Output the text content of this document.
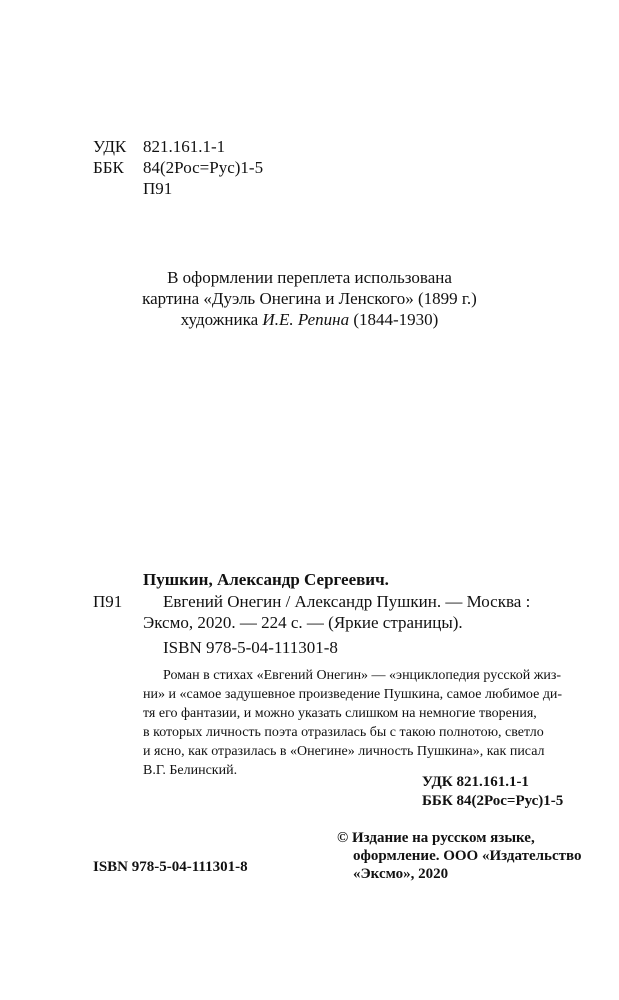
УДК 821.161.1-1
ББК 84(2Рос=Рус)1-5
П91
В оформлении переплета использована
картина «Дуэль Онегина и Ленского» (1899 г.)
художника И.Е. Репина (1844-1930)
Пушкин, Александр Сергеевич.
П91 Евгений Онегин / Александр Пушкин. — Москва :
Эксмо, 2020. — 224 с. — (Яркие страницы).
ISBN 978-5-04-111301-8
Роман в стихах «Евгений Онегин» — «энциклопедия русской жиз-
ни» и «самое задушевное произведение Пушкина, самое любимое ди-
тя его фантазии, и можно указать слишком на немногие творения,
в которых личность поэта отразилась бы с такою полнотою, светло
и ясно, как отразилась в «Онегине» личность Пушкина», как писал
В.Г. Белинский.
УДК 821.161.1-1
ББК 84(2Рос=Рус)1-5
ISBN 978-5-04-111301-8
© Издание на русском языке,
оформление. ООО «Издательство
«Эксмо», 2020
